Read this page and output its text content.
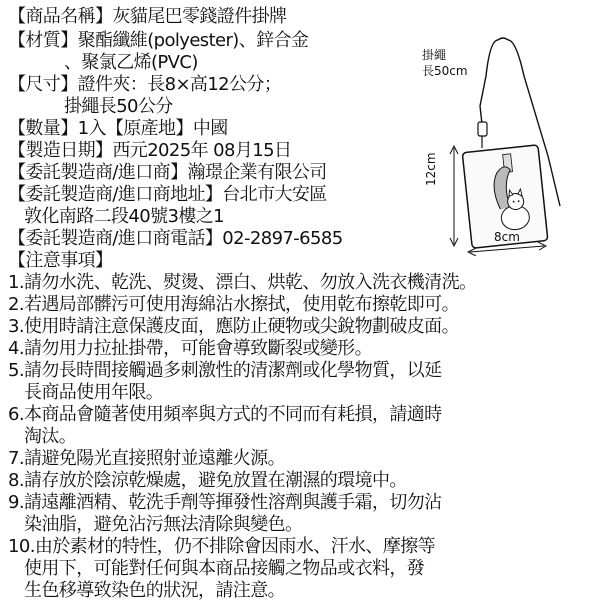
【商品名稱】灰貓尾巴零錢證件掛牌
【材質】聚酯纖維(polyester)、鋅合金
、聚氯乙烯(PVC)
【尺寸】證件夾：長8×高12公分；
掛繩長50公分
【數量】1入【原產地】中國
【製造日期】西元2025年 08月15日
【委託製造商/進口商】瀚璟企業有限公司
【委託製造商/進口商地址】台北市大安區
敦化南路二段40號3樓之1
【委託製造商/進口商電話】02-2897-6585
【注意事項】
1.請勿水洗、乾洗、熨燙、漂白、烘乾、勿放入洗衣機清洗。
2.若遇局部髒污可使用海綿沾水擦拭，使用乾布擦乾即可。
3.使用時請注意保護皮面，應防止硬物或尖銳物劃破皮面。
4.請勿用力拉扯掛帶，可能會導致斷裂或變形。
5.請勿長時間接觸過多刺激性的清潔劑或化學物質，以延
長商品使用年限。
6.本商品會隨著使用頻率與方式的不同而有耗損，請適時
淘汰。
7.請避免陽光直接照射並遠離火源。
8.請存放於陰涼乾燥處，避免放置在潮濕的環境中。
9.請遠離酒精、乾洗手劑等揮發性溶劑與護手霜，切勿沾
染油脂，避免沾污無法清除與變色。
10.由於素材的特性，仍不排除會因雨水、汗水、摩擦等
使用下，可能對任何與本商品接觸之物品或衣料，發
生色移導致染色的狀況，請注意。
掛繩
長50cm
12cm
8cm
